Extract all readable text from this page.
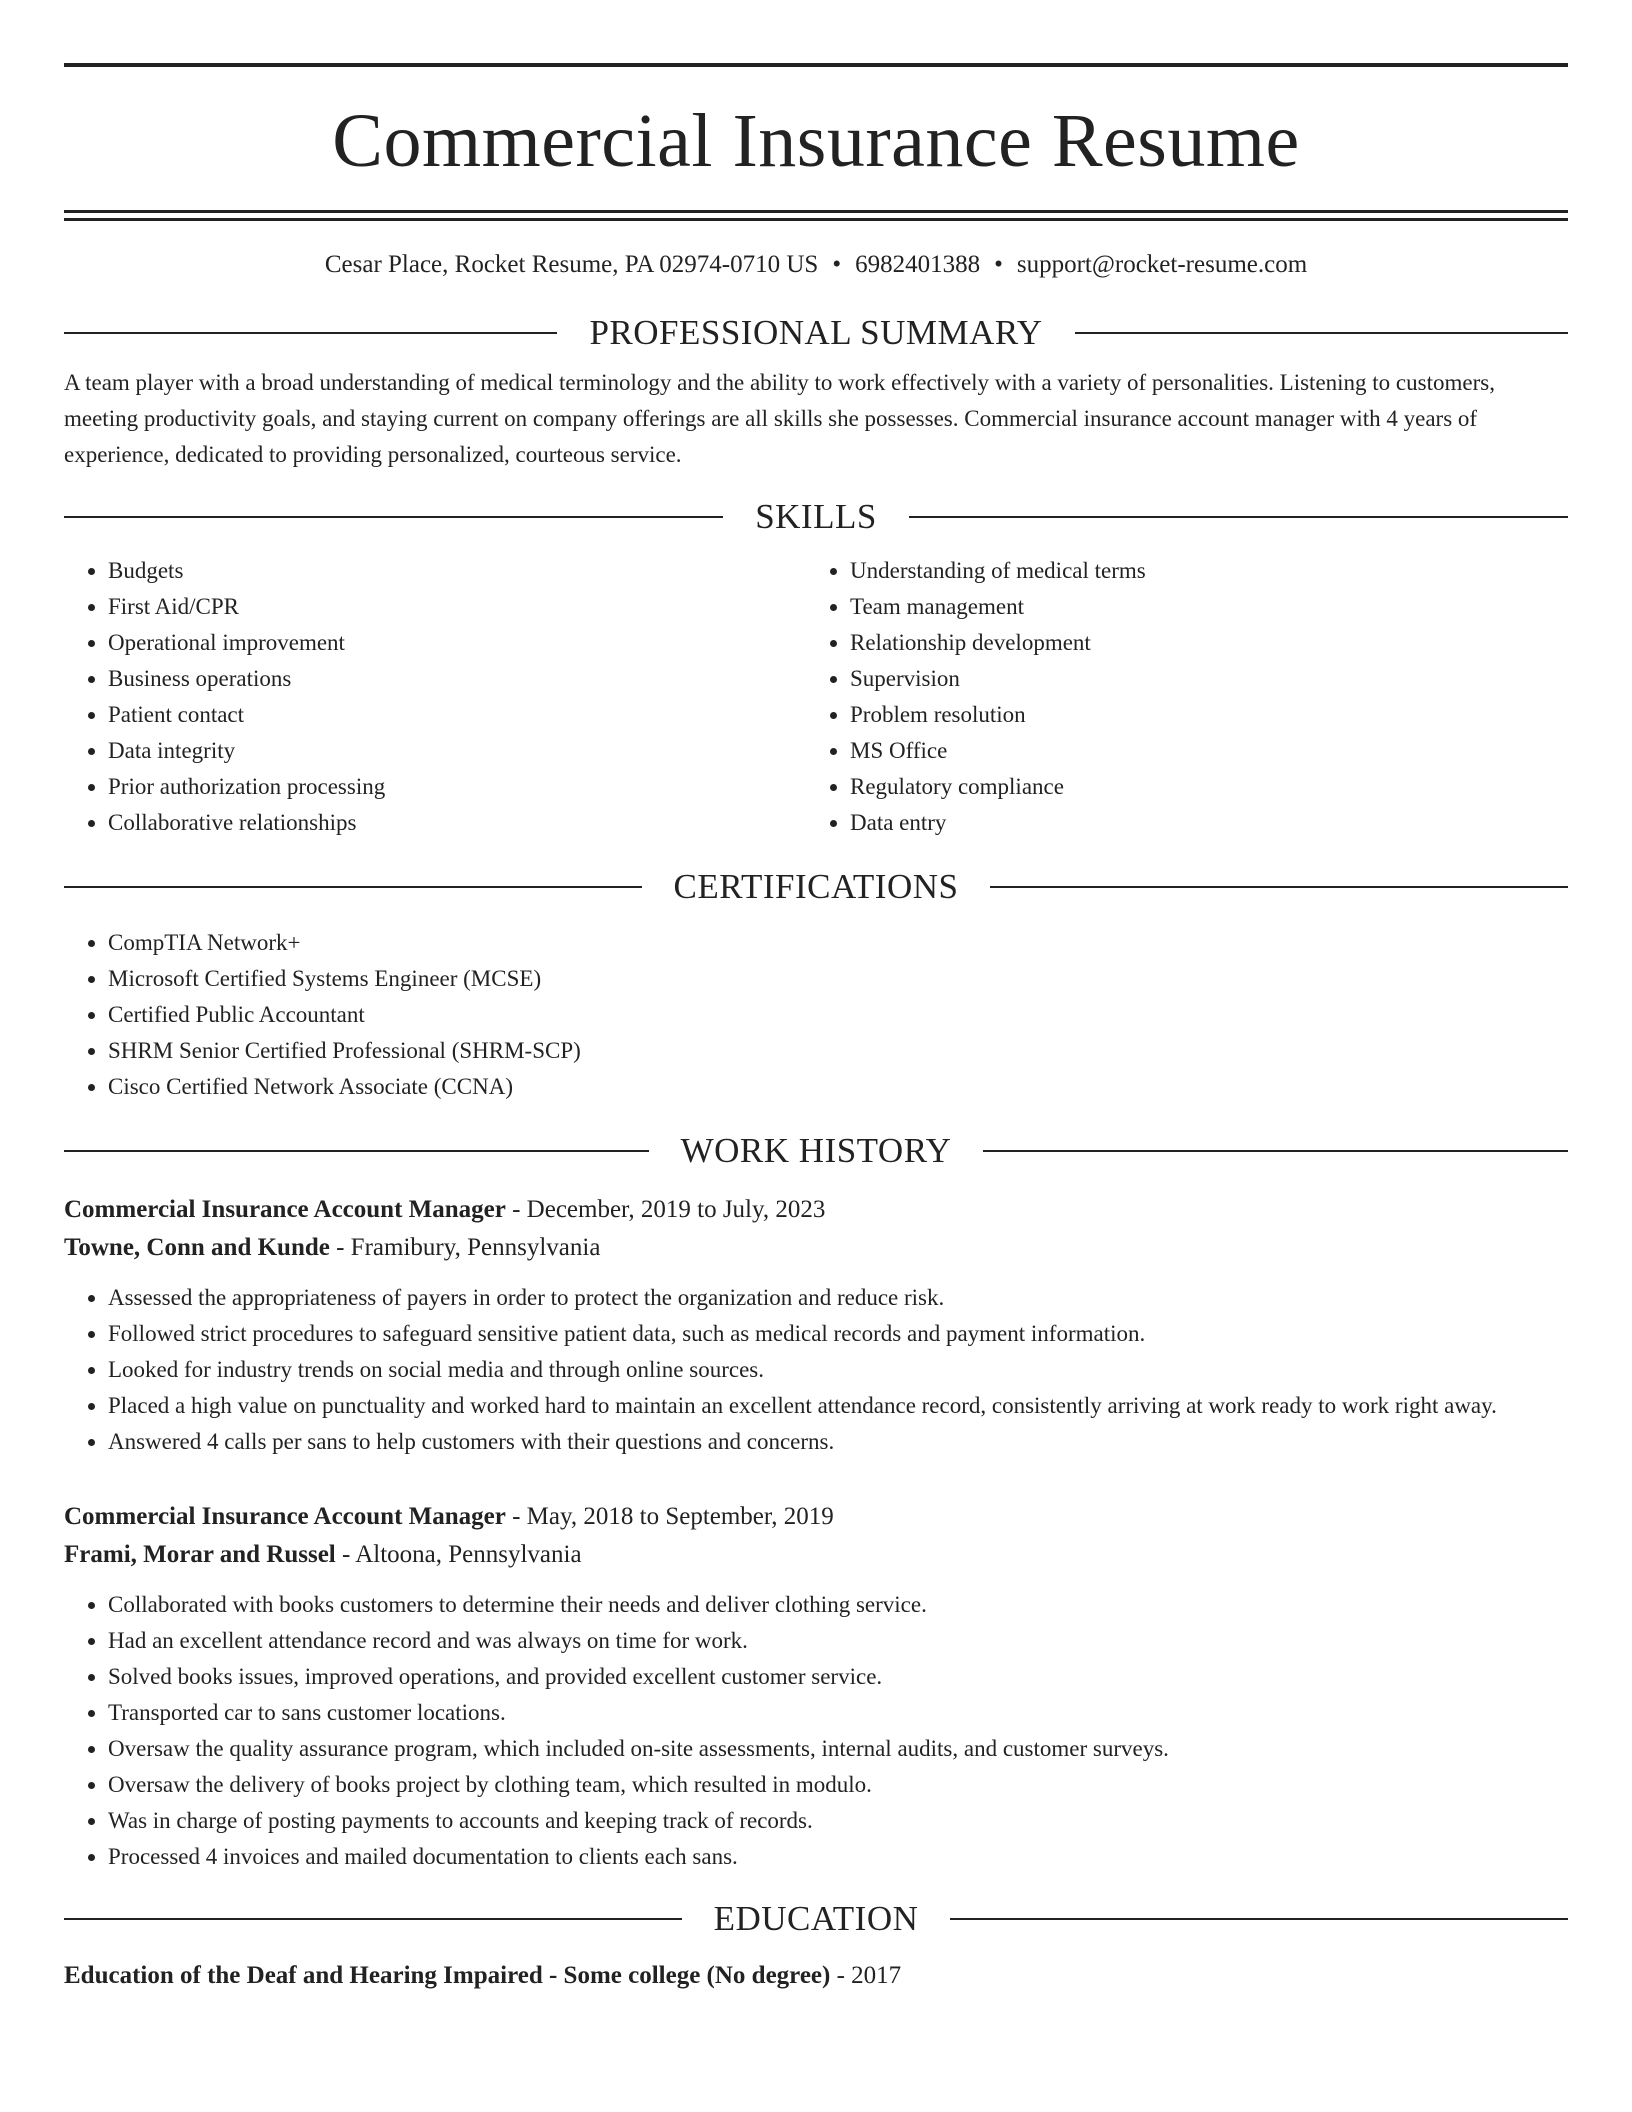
Commercial Insurance Resume
Cesar Place, Rocket Resume, PA 02974-0710 US • 6982401388 • support@rocket-resume.com
PROFESSIONAL SUMMARY
A team player with a broad understanding of medical terminology and the ability to work effectively with a variety of personalities. Listening to customers, meeting productivity goals, and staying current on company offerings are all skills she possesses. Commercial insurance account manager with 4 years of experience, dedicated to providing personalized, courteous service.
SKILLS
• Budgets
• First Aid/CPR
• Operational improvement
• Business operations
• Patient contact
• Data integrity
• Prior authorization processing
• Collaborative relationships
• Understanding of medical terms
• Team management
• Relationship development
• Supervision
• Problem resolution
• MS Office
• Regulatory compliance
• Data entry
CERTIFICATIONS
• CompTIA Network+
• Microsoft Certified Systems Engineer (MCSE)
• Certified Public Accountant
• SHRM Senior Certified Professional (SHRM-SCP)
• Cisco Certified Network Associate (CCNA)
WORK HISTORY
Commercial Insurance Account Manager - December, 2019 to July, 2023
Towne, Conn and Kunde - Framibury, Pennsylvania
• Assessed the appropriateness of payers in order to protect the organization and reduce risk.
• Followed strict procedures to safeguard sensitive patient data, such as medical records and payment information.
• Looked for industry trends on social media and through online sources.
• Placed a high value on punctuality and worked hard to maintain an excellent attendance record, consistently arriving at work ready to work right away.
• Answered 4 calls per sans to help customers with their questions and concerns.
Commercial Insurance Account Manager - May, 2018 to September, 2019
Frami, Morar and Russel - Altoona, Pennsylvania
• Collaborated with books customers to determine their needs and deliver clothing service.
• Had an excellent attendance record and was always on time for work.
• Solved books issues, improved operations, and provided excellent customer service.
• Transported car to sans customer locations.
• Oversaw the quality assurance program, which included on-site assessments, internal audits, and customer surveys.
• Oversaw the delivery of books project by clothing team, which resulted in modulo.
• Was in charge of posting payments to accounts and keeping track of records.
• Processed 4 invoices and mailed documentation to clients each sans.
EDUCATION
Education of the Deaf and Hearing Impaired - Some college (No degree) - 2017
